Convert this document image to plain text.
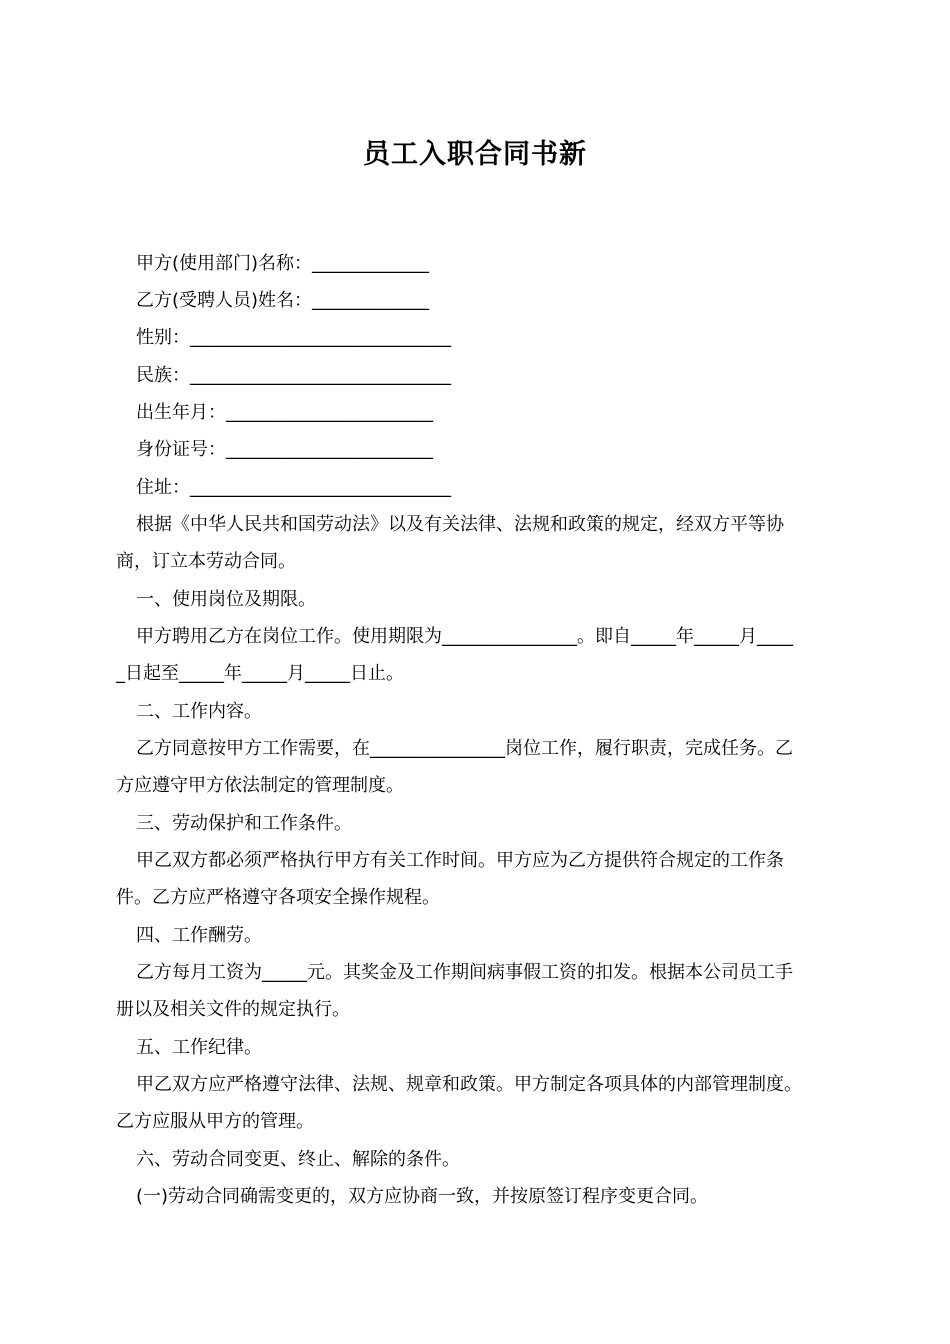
员工入职合同书新
甲方(使用部门)名称：_____________
乙方(受聘人员)姓名：_____________
性别：_____________________________
民族：_____________________________
出生年月：_______________________
身份证号：_______________________
住址：_____________________________
根据《中华人民共和国劳动法》以及有关法律、法规和政策的规定，经双方平等协
商，订立本劳动合同。
一、使用岗位及期限。
甲方聘用乙方在岗位工作。使用期限为_______________。即自_____年_____月____
_日起至_____年_____月_____日止。
二、工作内容。
乙方同意按甲方工作需要，在_______________岗位工作，履行职责，完成任务。乙
方应遵守甲方依法制定的管理制度。
三、劳动保护和工作条件。
甲乙双方都必须严格执行甲方有关工作时间。甲方应为乙方提供符合规定的工作条
件。乙方应严格遵守各项安全操作规程。
四、工作酬劳。
乙方每月工资为_____元。其奖金及工作期间病事假工资的扣发。根据本公司员工手
册以及相关文件的规定执行。
五、工作纪律。
甲乙双方应严格遵守法律、法规、规章和政策。甲方制定各项具体的内部管理制度。
乙方应服从甲方的管理。
六、劳动合同变更、终止、解除的条件。
(一)劳动合同确需变更的，双方应协商一致，并按原签订程序变更合同。
